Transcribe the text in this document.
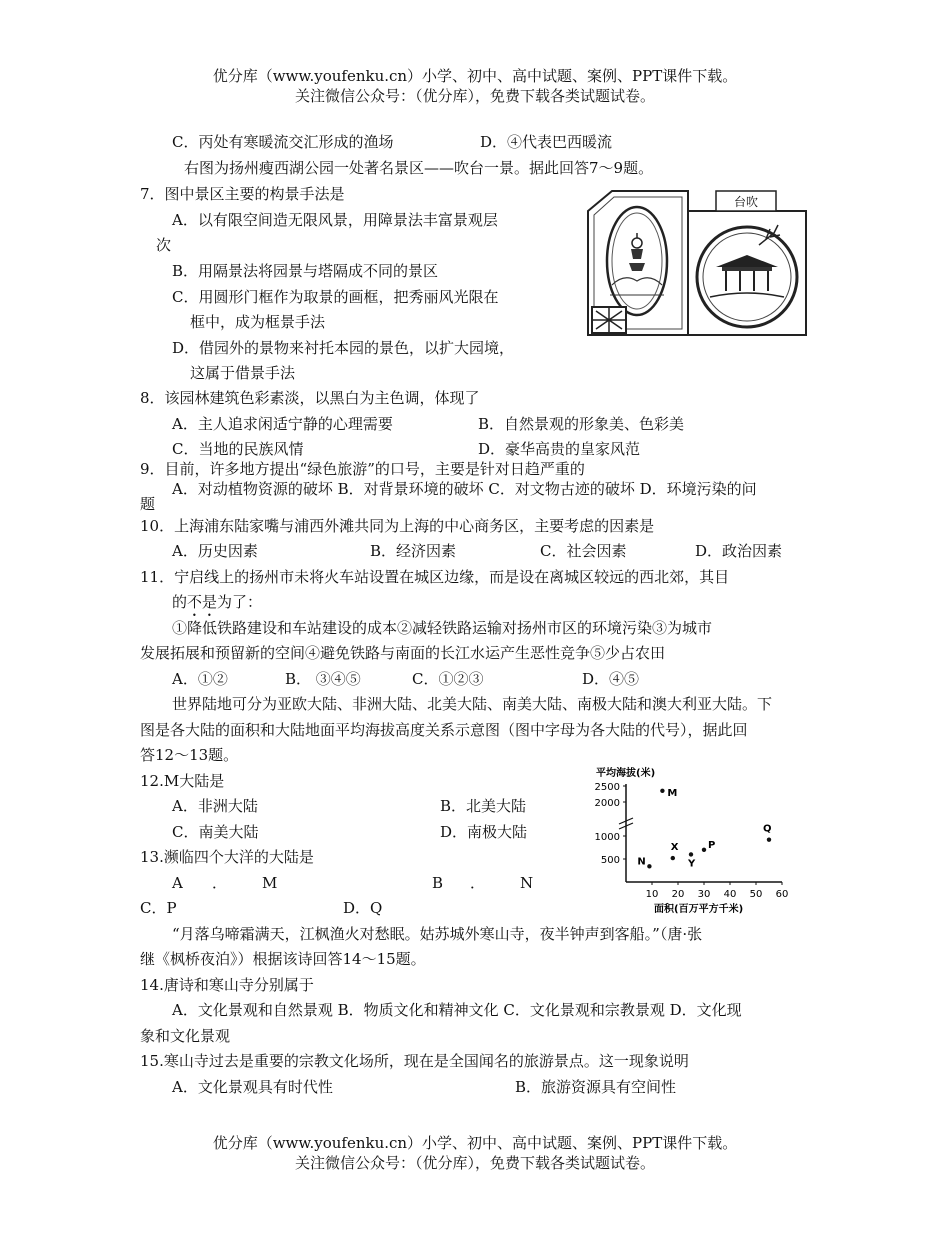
优分库（www.youfenku.cn）小学、初中、高中试题、案例、PPT课件下载。
关注微信公众号：（优分库），免费下载各类试题试卷。
C．丙处有寒暖流交汇形成的渔场	D．④代表巴西暖流
右图为扬州瘦西湖公园一处著名景区——吹台一景。据此回答7～9题。
7．图中景区主要的构景手法是
A．以有限空间造无限风景，用障景法丰富景观层
次
B．用隔景法将园景与塔隔成不同的景区
C．用圆形门框作为取景的画框，把秀丽风光限在
框中，成为框景手法
D．借园外的景物来衬托本园的景色，以扩大园境，
这属于借景手法
台吹
8．该园林建筑色彩素淡，以黑白为主色调，体现了
A．主人追求闲适宁静的心理需要	B．自然景观的形象美、色彩美
C．当地的民族风情	D．豪华高贵的皇家风范
9．目前，许多地方提出“绿色旅游”的口号，主要是针对日趋严重的
A．对动植物资源的破坏 B．对背景环境的破坏 C．对文物古迹的破坏 D．环境污染的问
题
10．上海浦东陆家嘴与浦西外滩共同为上海的中心商务区，主要考虑的因素是
A．历史因素	B．经济因素	C．社会因素	D．政治因素
11．宁启线上的扬州市未将火车站设置在城区边缘，而是设在离城区较远的西北郊，其目
的不是为了：
①降低铁路建设和车站建设的成本②减轻铁路运输对扬州市区的环境污染③为城市
发展拓展和预留新的空间④避免铁路与南面的长江水运产生恶性竞争⑤少占农田
A．①②	B． ③④⑤	C．①②③	D．④⑤
世界陆地可分为亚欧大陆、非洲大陆、北美大陆、南美大陆、南极大陆和澳大利亚大陆。下
图是各大陆的面积和大陆地面平均海拔高度关系示意图（图中字母为各大陆的代号），据此回
答12～13题。
12.M大陆是
A．非洲大陆	B．北美大陆
C．南美大陆	D．南极大陆
13.濒临四个大洋的大陆是
A ． M	B ． N
C．P	D．Q
平均海拔(米)
面积(百万平方千米)
10 20 30 40 50 60
500
1000
2000
2500
M
N
X
Y
P
Q
“月落乌啼霜满天，江枫渔火对愁眠。姑苏城外寒山寺，夜半钟声到客船。”（唐·张
继《枫桥夜泊》）根据该诗回答14～15题。
14.唐诗和寒山寺分别属于
A．文化景观和自然景观 B．物质文化和精神文化 C．文化景观和宗教景观 D．文化现
象和文化景观
15.寒山寺过去是重要的宗教文化场所，现在是全国闻名的旅游景点。这一现象说明
A．文化景观具有时代性	B．旅游资源具有空间性
优分库（www.youfenku.cn）小学、初中、高中试题、案例、PPT课件下载。
关注微信公众号：（优分库），免费下载各类试题试卷。
